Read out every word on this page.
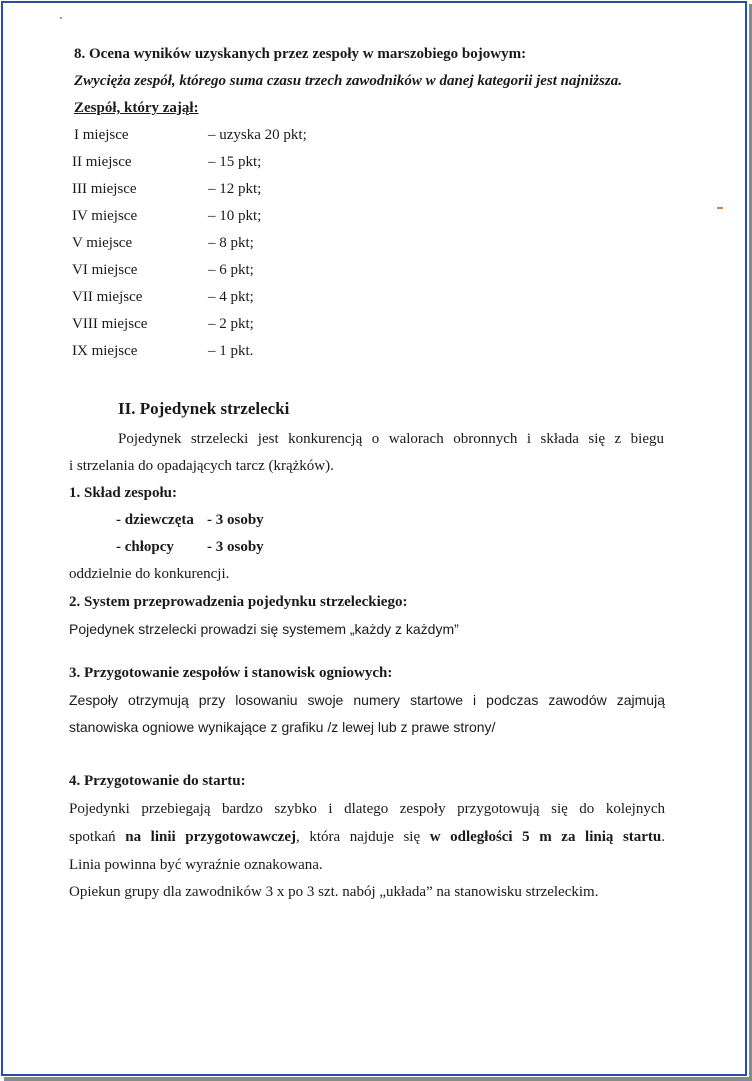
8. Ocena wyników uzyskanych przez zespoły w marszobiego bojowym:
Zwycięża zespół, którego suma czasu trzech zawodników w danej kategorii jest najniższa.
Zespół, który zajął:
I miejsce	– uzyska 20 pkt;
II miejsce	– 15 pkt;
III miejsce	– 12 pkt;
IV miejsce	– 10 pkt;
V miejsce	– 8 pkt;
VI miejsce	– 6 pkt;
VII miejsce	– 4 pkt;
VIII miejsce	– 2 pkt;
IX miejsce	– 1 pkt.
II. Pojedynek strzelecki
Pojedynek strzelecki jest konkurencją o walorach obronnych i składa się z biegu
i strzelania do opadających tarcz (krążków).
1. Skład zespołu:
- dziewczęta - 3 osoby
- chłopcy - 3 osoby
oddzielnie do konkurencji.
2. System przeprowadzenia pojedynku strzeleckiego:
Pojedynek strzelecki prowadzi się systemem „każdy z każdym”
3. Przygotowanie zespołów i stanowisk ogniowych:
Zespoły otrzymują przy losowaniu swoje numery startowe i podczas zawodów zajmują
stanowiska ogniowe wynikające z grafiku /z lewej lub z prawe strony/
4. Przygotowanie do startu:
Pojedynki przebiegają bardzo szybko i dlatego zespoły przygotowują się do kolejnych
spotkań na linii przygotowawczej, która najduje się w odległości 5 m za linią startu.
Linia powinna być wyraźnie oznakowana.
Opiekun grupy dla zawodników 3 x po 3 szt. nabój „układa” na stanowisku strzeleckim.
